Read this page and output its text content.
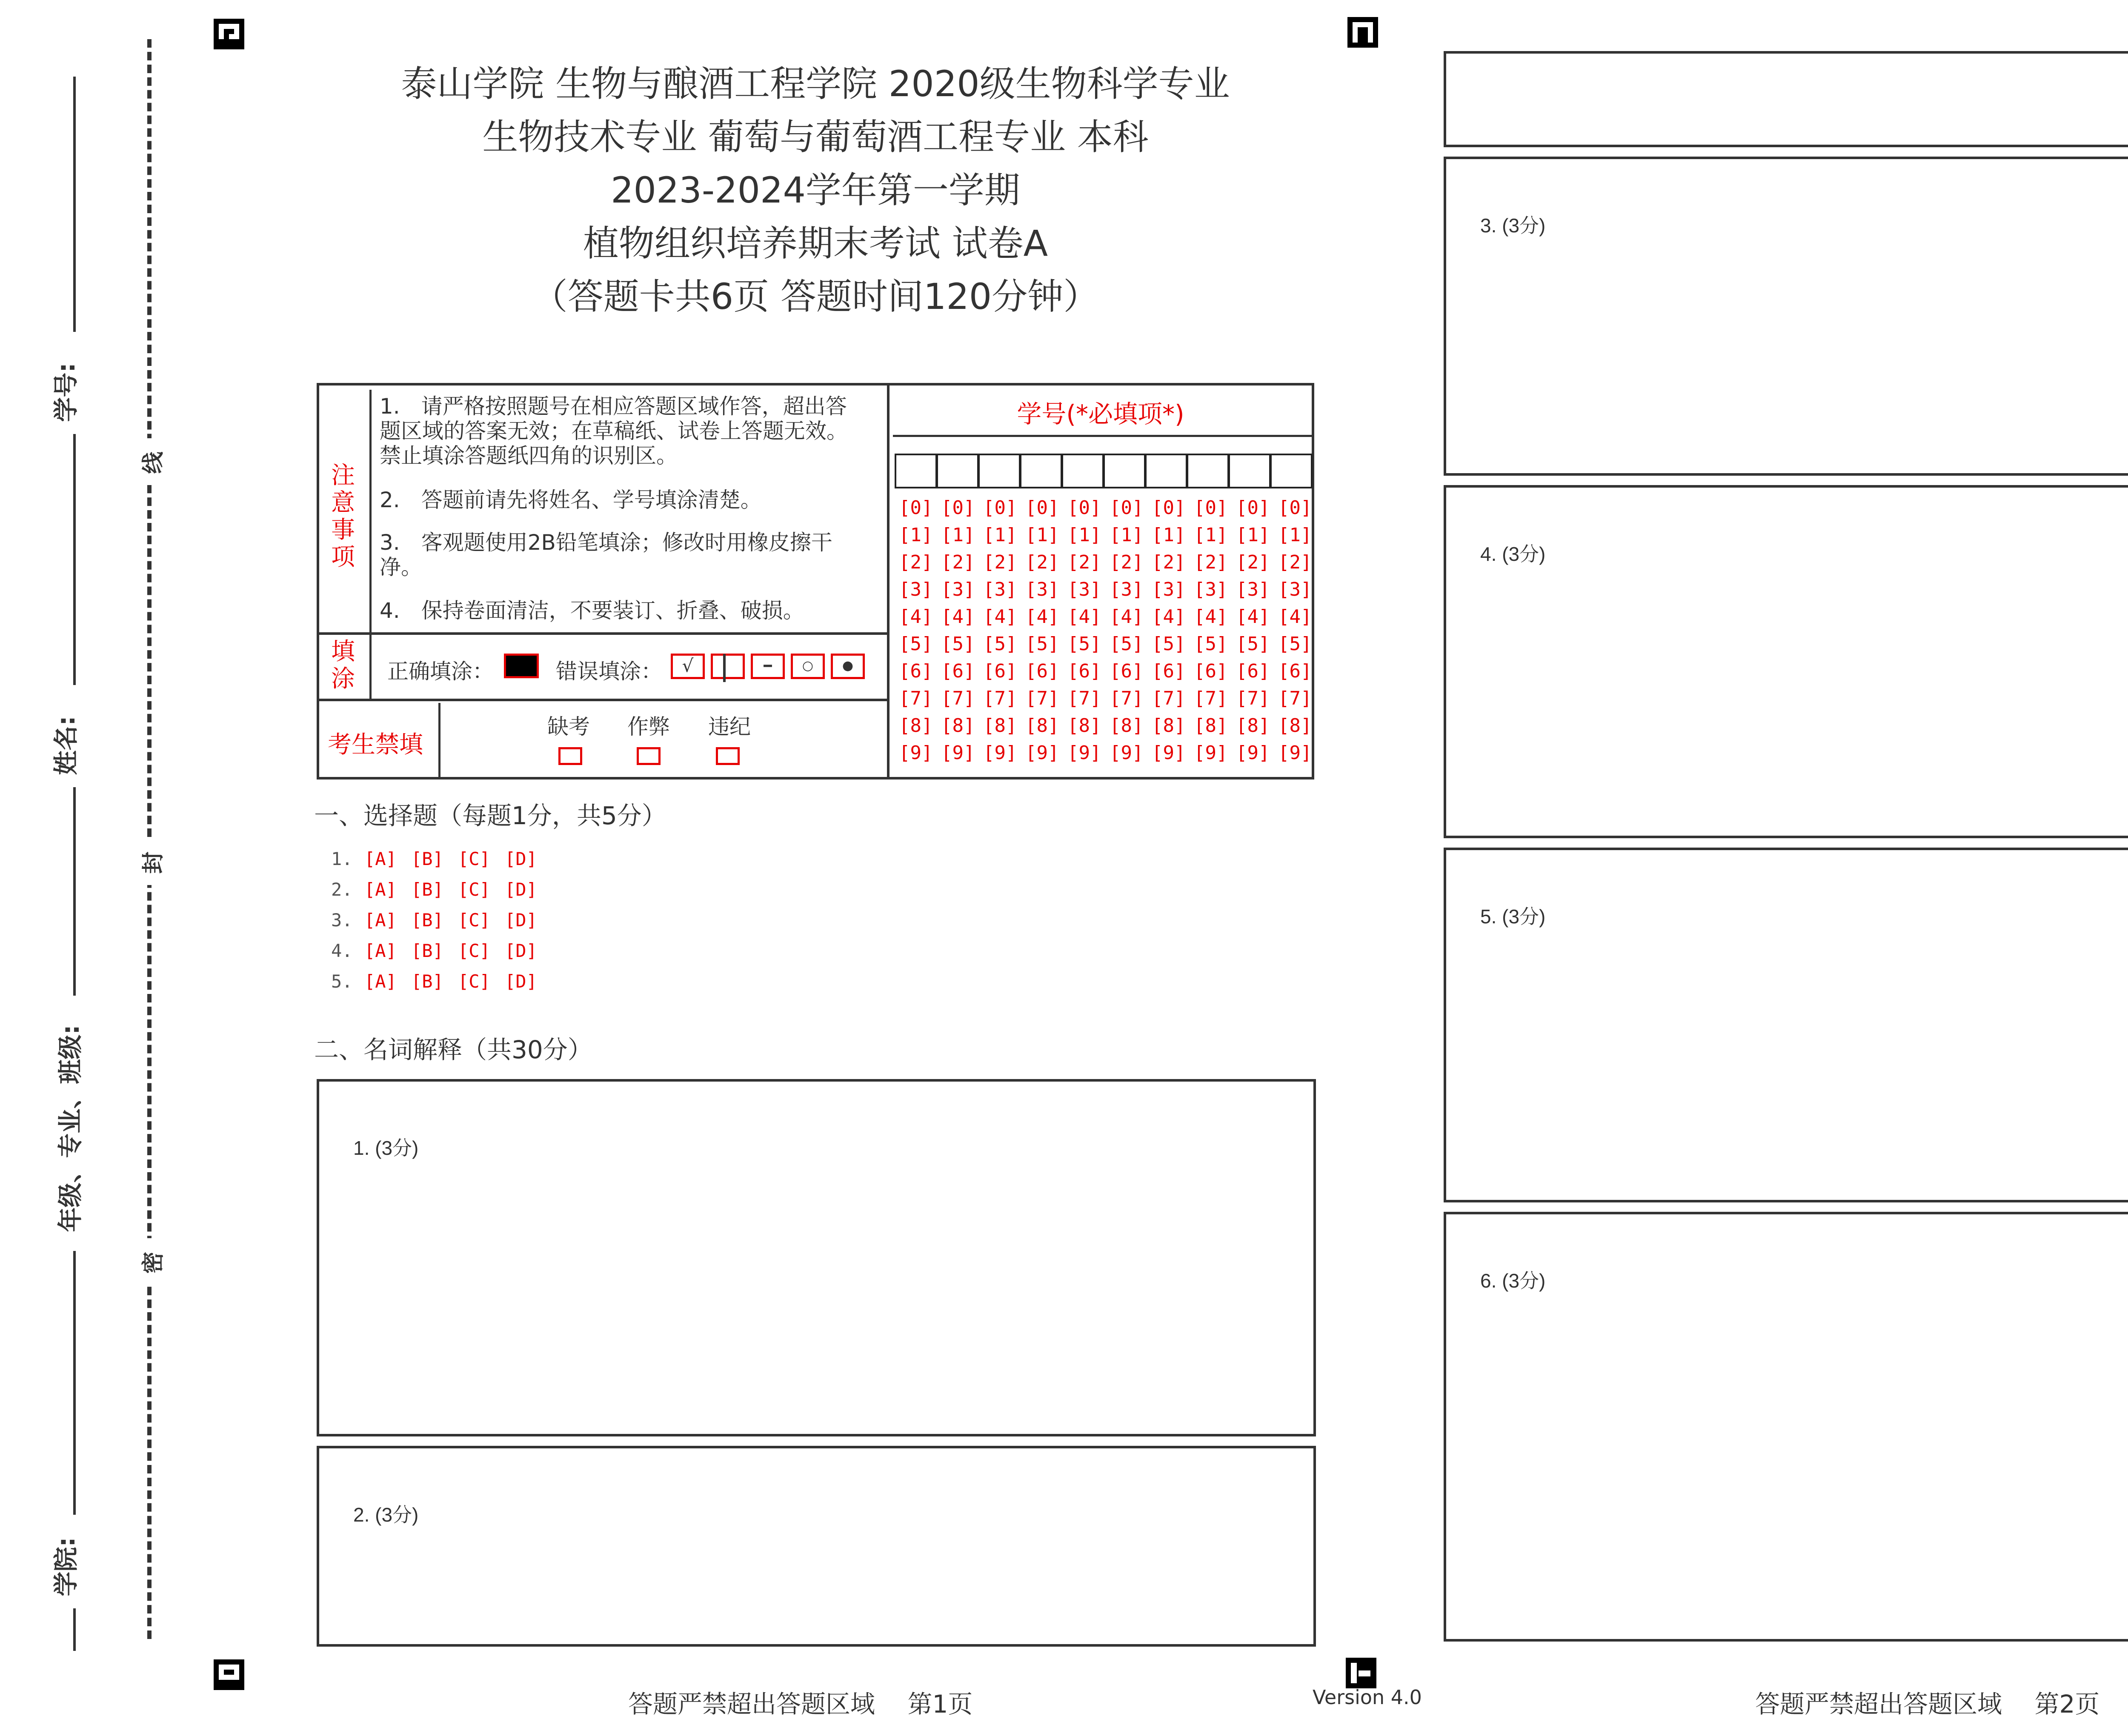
学号:
姓名:
年级、专业、班级:
学院:
线
封
密
泰山学院 生物与酿酒工程学院 2020级生物科学专业
生物技术专业 葡萄与葡萄酒工程专业 本科
2023-2024学年第一学期
植物组织培养期末考试 试卷A
（答题卡共6页 答题时间120分钟）
注意事项
1.　请严格按照题号在相应答题区域作答，超出答题区域的答案无效；在草稿纸、试卷上答题无效。禁止填涂答题纸四角的识别区。
2.　答题前请先将姓名、学号填涂清楚。
3.　客观题使用2B铅笔填涂；修改时用橡皮擦干净。
4.　保持卷面清洁，不要装订、折叠、破损。
填涂 正确填涂：	错误填涂：	√	━	○	●
考生禁填
缺考 作弊 违纪
学号(*必填项*)
[0] [0] [0] [0] [0] [0] [0] [0] [0] [0]
[1] [1] [1] [1] [1] [1] [1] [1] [1] [1]
[2] [2] [2] [2] [2] [2] [2] [2] [2] [2]
[3] [3] [3] [3] [3] [3] [3] [3] [3] [3]
[4] [4] [4] [4] [4] [4] [4] [4] [4] [4]
[5] [5] [5] [5] [5] [5] [5] [5] [5] [5]
[6] [6] [6] [6] [6] [6] [6] [6] [6] [6]
[7] [7] [7] [7] [7] [7] [7] [7] [7] [7]
[8] [8] [8] [8] [8] [8] [8] [8] [8] [8]
[9] [9] [9] [9] [9] [9] [9] [9] [9] [9]
一、选择题（每题1分，共5分）
1. [A] [B] [C] [D]
2. [A] [B] [C] [D]
3. [A] [B] [C] [D]
4. [A] [B] [C] [D]
5. [A] [B] [C] [D]
二、名词解释（共30分）
1. (3分)
2. (3分)
3. (3分)
4. (3分)
5. (3分)
6. (3分)
答题严禁超出答题区域　 第1页	Version 4.0	答题严禁超出答题区域　 第2页
